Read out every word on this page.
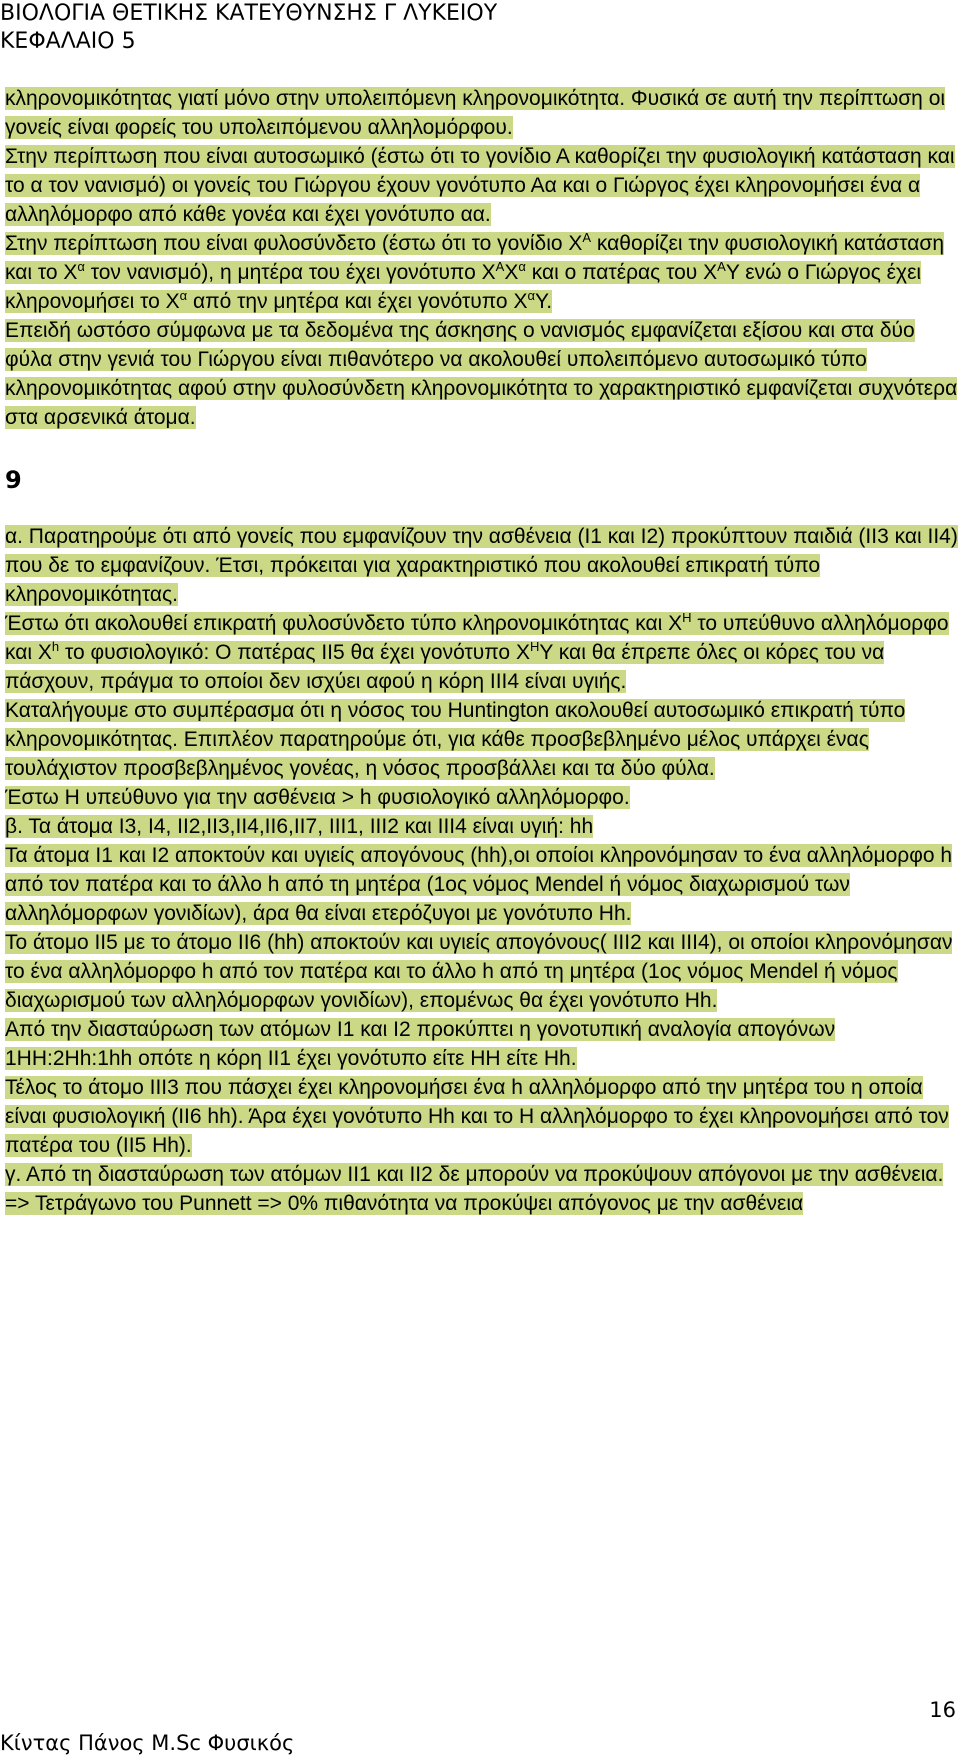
ΒΙΟΛΟΓΙΑ ΘΕΤΙΚΗΣ ΚΑΤΕΥΘΥΝΣΗΣ Γ ΛΥΚΕΙΟΥ
ΚΕΦΑΛΑΙΟ 5

κληρονομικότητας γιατί μόνο στην υπολειπόμενη κληρονομικότητα. Φυσικά σε αυτή την περίπτωση οι γονείς είναι φορείς του υπολειπόμενου αλληλομόρφου.

Στην περίπτωση που είναι αυτοσωμικό (έστω ότι το γονίδιο Α καθορίζει την φυσιολογική κατάσταση και το α τον νανισμό) οι γονείς του Γιώργου έχουν γονότυπο Αα και ο Γιώργος έχει κληρονομήσει ένα α αλληλόμορφο από κάθε γονέα και έχει γονότυπο αα.

Στην περίπτωση που είναι φυλοσύνδετο (έστω ότι το γονίδιο $X^A$ καθορίζει την φυσιολογική κατάσταση και το $X^\alpha$ τον νανισμό), η μητέρα του έχει γονότυπο $X^AX^\alpha$ και ο πατέρας του $X^A\Upsilon$ ενώ ο Γιώργος έχει κληρονομήσει το $X^\alpha$ από την μητέρα και έχει γονότυπο $X^\alpha\Upsilon$.

Επειδή ωστόσο σύμφωνα με τα δεδομένα της άσκησης ο νανισμός εμφανίζεται εξίσου και στα δύο φύλα στην γενιά του Γιώργου είναι πιθανότερο να ακολουθεί υπολειπόμενο αυτοσωμικό τύπο κληρονομικότητας αφού στην φυλοσύνδετη κληρονομικότητα το χαρακτηριστικό εμφανίζεται συχνότερα στα αρσενικά άτομα.

9

α. Παρατηρούμε ότι από γονείς που εμφανίζουν την ασθένεια (Ι1 και Ι2) προκύπτουν παιδιά (ΙΙ3 και ΙΙ4) που δε το εμφανίζουν. Έτσι, πρόκειται για χαρακτηριστικό που ακολουθεί επικρατή τύπο κληρονομικότητας.

Έστω ότι ακολουθεί επικρατή φυλοσύνδετο τύπο κληρονομικότητας και $X^H$ το υπεύθυνο αλληλόμορφο και $X^h$ το φυσιολογικό: Ο πατέρας ΙΙ5 θα έχει γονότυπο $X^H\Upsilon$ και θα έπρεπε όλες οι κόρες του να πάσχουν, πράγμα το οποίοι δεν ισχύει αφού η κόρη ΙΙΙ4 είναι υγιής.

Καταλήγουμε στο συμπέρασμα ότι η νόσος του Huntington ακολουθεί αυτοσωμικό επικρατή τύπο κληρονομικότητας. Επιπλέον παρατηρούμε ότι, για κάθε προσβεβλημένο μέλος υπάρχει ένας τουλάχιστον προσβεβλημένος γονέας, η νόσος προσβάλλει και τα δύο φύλα.

Έστω Η υπεύθυνο για την ασθένεια > h φυσιολογικό αλληλόμορφο.

β. Τα άτομα Ι3, Ι4, ΙΙ2,ΙΙ3,ΙΙ4,ΙΙ6,ΙΙ7, ΙΙΙ1, ΙΙΙ2 και ΙΙΙ4 είναι υγιή: hh

Τα άτομα Ι1 και Ι2 αποκτούν και υγιείς απογόνους (hh),οι οποίοι κληρονόμησαν το ένα αλληλόμορφο h από τον πατέρα και το άλλο h από τη μητέρα (1ος νόμος Mendel ή νόμος διαχωρισμού των αλληλόμορφων γονιδίων), άρα θα είναι ετερόζυγοι με γονότυπο Ηh.

Το άτομο ΙΙ5 με το άτομο ΙΙ6 (hh) αποκτούν και υγιείς απογόνους( ΙΙΙ2 και ΙΙΙ4), οι οποίοι κληρονόμησαν το ένα αλληλόμορφο h από τον πατέρα και το άλλο h από τη μητέρα (1ος νόμος Mendel ή νόμος διαχωρισμού των αλληλόμορφων γονιδίων), επομένως θα έχει γονότυπο Ηh.

Από την διασταύρωση των ατόμων Ι1 και Ι2 προκύπτει η γονοτυπική αναλογία απογόνων 1ΗΗ:2Ηh:1hh οπότε η κόρη ΙΙ1 έχει γονότυπο είτε ΗΗ είτε Ηh.

Τέλος το άτομο ΙΙΙ3 που πάσχει έχει κληρονομήσει ένα h αλληλόμορφο από την μητέρα του η οποία είναι φυσιολογική (ΙΙ6 hh). Άρα έχει γονότυπο Ηh και το Η αλληλόμορφο το έχει κληρονομήσει από τον πατέρα του (ΙΙ5 Ηh).

γ. Από τη διασταύρωση των ατόμων ΙΙ1 και ΙΙ2 δε μπορούν να προκύψουν απόγονοι με την ασθένεια. => Τετράγωνο του Punnett => 0% πιθανότητα να προκύψει απόγονος με την ασθένεια

16
Κίντας Πάνος M.Sc Φυσικός
